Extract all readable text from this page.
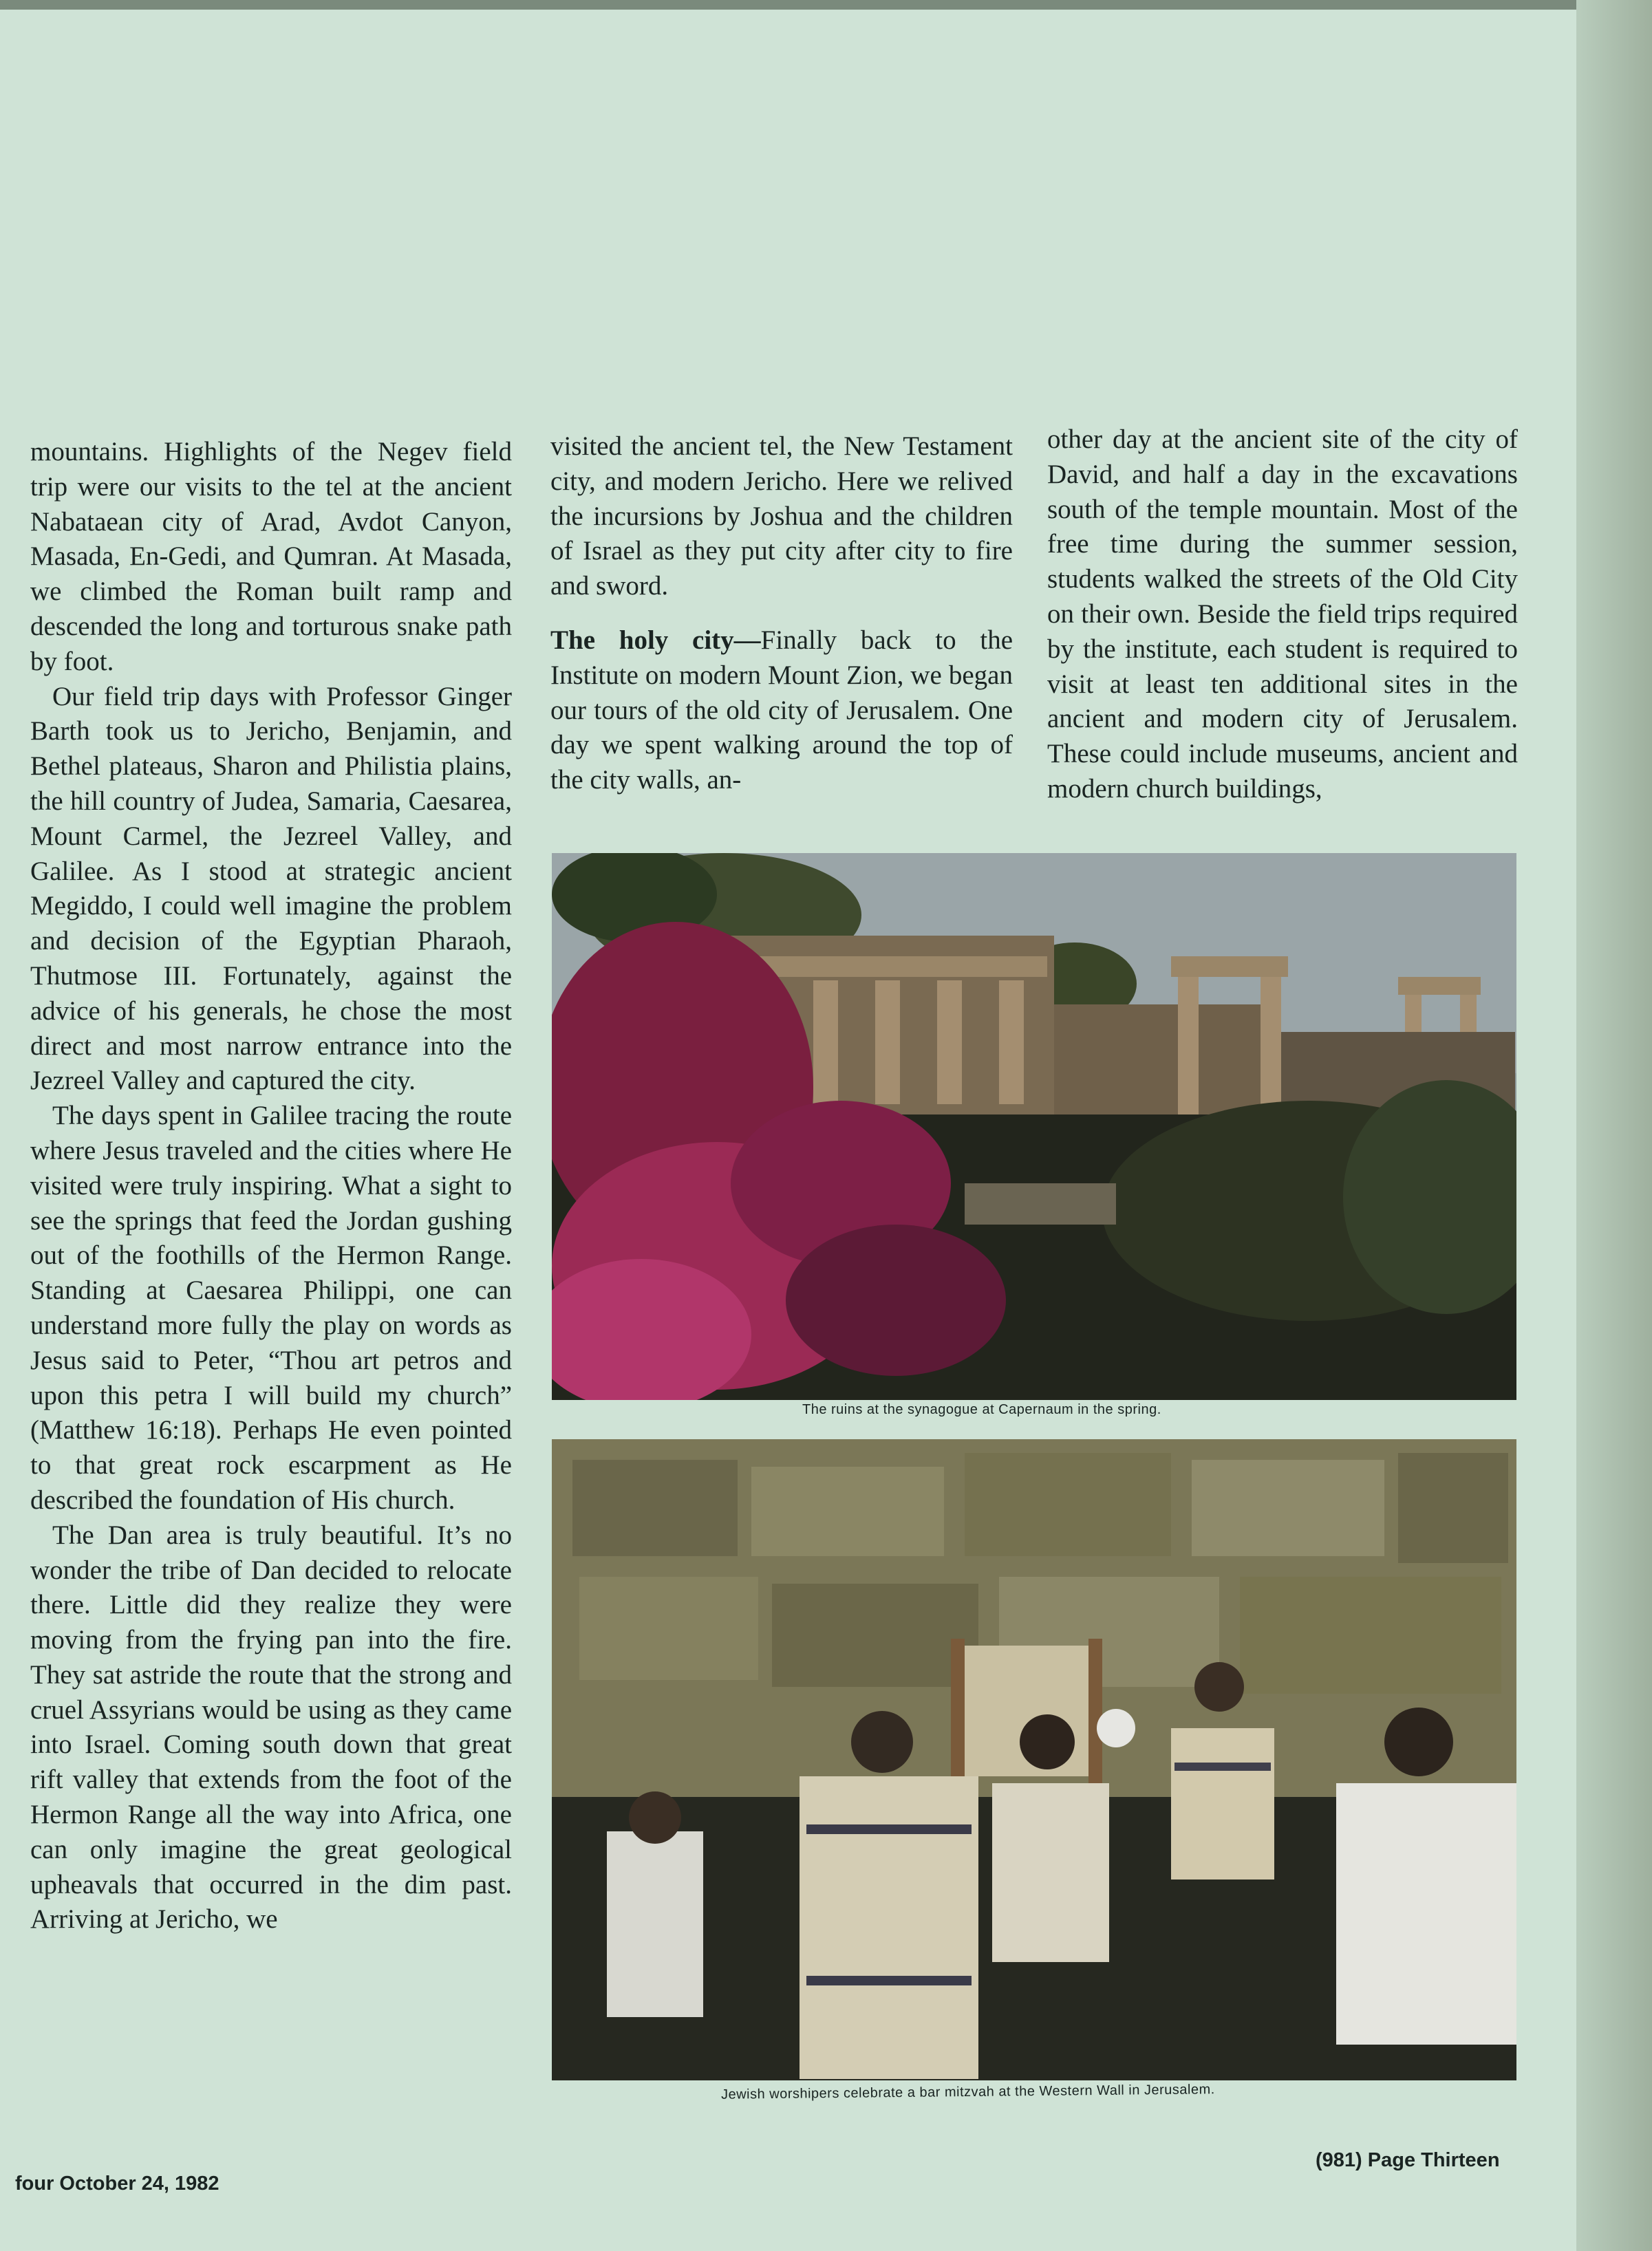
mountains. Highlights of the Negev field trip were our visits to the tel at the ancient Nabataean city of Arad, Avdot Canyon, Masada, En-Gedi, and Qumran. At Masada, we climbed the Roman built ramp and descended the long and torturous snake path by foot.

Our field trip days with Professor Ginger Barth took us to Jericho, Benjamin, and Bethel plateaus, Sharon and Philistia plains, the hill country of Judea, Samaria, Caesarea, Mount Carmel, the Jezreel Valley, and Galilee. As I stood at strategic ancient Megiddo, I could well imagine the problem and decision of the Egyptian Pharaoh, Thutmose III. Fortunately, against the advice of his generals, he chose the most direct and most narrow entrance into the Jezreel Valley and captured the city.

The days spent in Galilee tracing the route where Jesus traveled and the cities where He visited were truly inspiring. What a sight to see the springs that feed the Jordan gushing out of the foothills of the Hermon Range. Standing at Caesarea Philippi, one can understand more fully the play on words as Jesus said to Peter, “Thou art petros and upon this petra I will build my church” (Matthew 16:18). Perhaps He even pointed to that great rock escarpment as He described the foundation of His church.

The Dan area is truly beautiful. It’s no wonder the tribe of Dan decided to relocate there. Little did they realize they were moving from the frying pan into the fire. They sat astride the route that the strong and cruel Assyrians would be using as they came into Israel. Coming south down that great rift valley that extends from the foot of the Hermon Range all the way into Africa, one can only imagine the great geological upheavals that occurred in the dim past. Arriving at Jericho, we

visited the ancient tel, the New Testament city, and modern Jericho. Here we relived the incursions by Joshua and the children of Israel as they put city after city to fire and sword.

The holy city—Finally back to the Institute on modern Mount Zion, we began our tours of the old city of Jerusalem. One day we spent walking around the top of the city walls, an-

other day at the ancient site of the city of David, and half a day in the excavations south of the temple mountain. Most of the free time during the summer session, students walked the streets of the Old City on their own. Beside the field trips required by the institute, each student is required to visit at least ten additional sites in the ancient and modern city of Jerusalem. These could include museums, ancient and modern church buildings,

The ruins at the synagogue at Capernaum in the spring.
Jewish worshipers celebrate a bar mitzvah at the Western Wall in Jerusalem.
four October 24, 1982
(981) Page Thirteen
